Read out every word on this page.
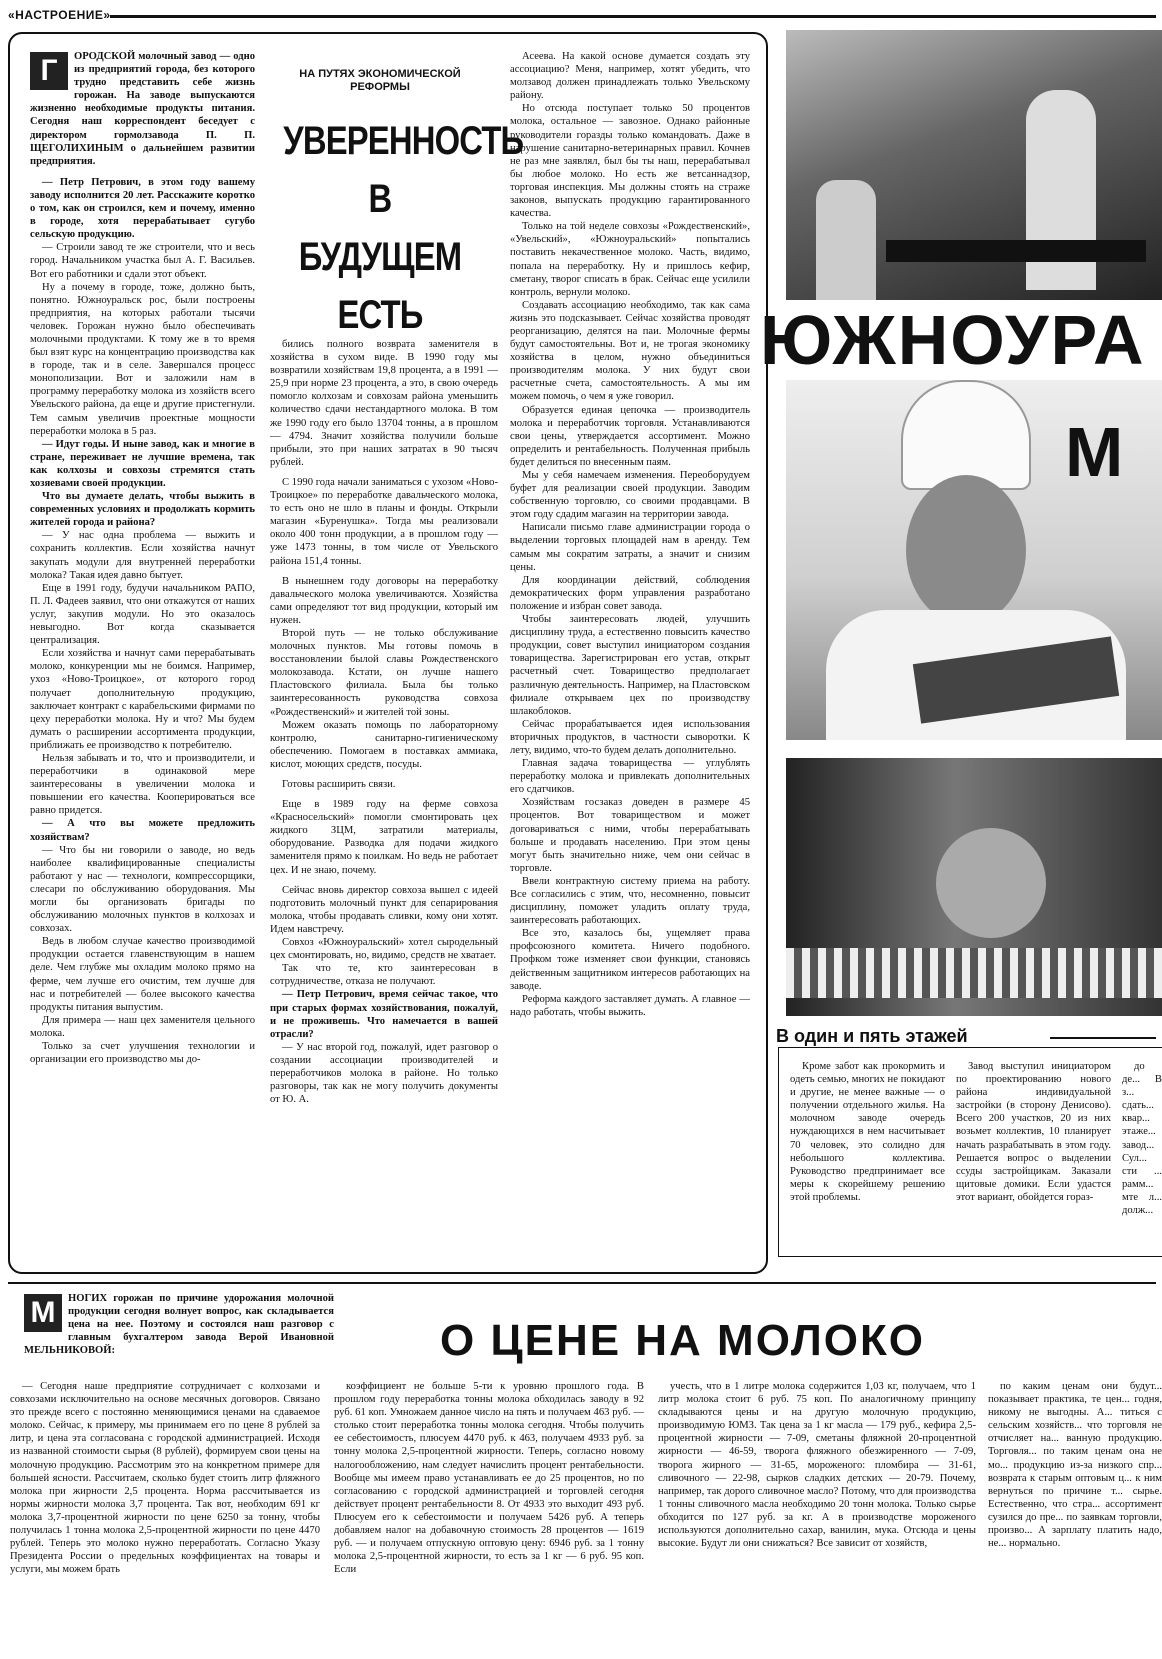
«НАСТРОЕНИЕ»
Г	ОРОДСКОЙ молочный завод — одно из предприятий города, без которого трудно представить себе жизнь горожан. На заводе выпускаются жизненно необходимые продукты питания. Сегодня наш корреспондент беседует с директором гормолзавода П. П. ЩЕГОЛИХИНЫМ о дальнейшем развитии предприятия.

— Петр Петрович, в этом году вашему заводу исполнится 20 лет. Расскажите коротко о том, как он строился, кем и почему, именно в городе, хотя перерабатывает сугубо сельскую продукцию.

— Строили завод те же строители, что и весь город. Начальником участка был А. Г. Васильев. Вот его работники и сдали этот объект.

Ну а почему в городе, тоже, должно быть, понятно. Южноуральск рос, были построены предприятия, на которых работали тысячи человек. Горожан нужно было обеспечивать молочными продуктами. К тому же в то время был взят курс на концентрацию производства как в городе, так и в селе. Завершался процесс монополизации. Вот и заложили нам в программу переработку молока из хозяйств всего Увельского района, да еще и другие пристегнули. Тем самым увеличив проектные мощности переработки молока в 5 раз.

— Идут годы. И ныне завод, как и многие в стране, переживает не лучшие времена, так как колхозы и совхозы стремятся стать хозяевами своей продукции.

Что вы думаете делать, чтобы выжить в современных условиях и продолжать кормить жителей города и района?

— У нас одна проблема — выжить и сохранить коллектив. Если хозяйства начнут закупать модули для внутренней переработки молока? Такая идея давно бытует.

Еще в 1991 году, будучи начальником РАПО, П. Л. Фадеев заявил, что они откажутся от наших услуг, закупив модули. Но это оказалось невыгодно. Вот когда сказывается централизация.

Если хозяйства и начнут сами перерабатывать молоко, конкуренции мы не боимся. Например, ухоз «Ново-Троицкое», от которого город получает дополнительную продукцию, заключает контракт с карабельскими фирмами по цеху переработки молока. Ну и что? Мы будем думать о расширении ассортимента продукции, приближать ее производство к потребителю.

Нельзя забывать и то, что и производители, и переработчики в одинаковой мере заинтересованы в увеличении молока и повышении его качества. Кооперироваться все равно придется.

— А что вы можете предложить хозяйствам?

— Что бы ни говорили о заводе, но ведь наиболее квалифицированные специалисты работают у нас — технологи, компрессорщики, слесари по обслуживанию оборудования. Мы могли бы организовать бригады по обслуживанию молочных пунктов в колхозах и совхозах.

Ведь в любом случае качество производимой продукции остается главенствующим в нашем деле. Чем глубже мы охладим молоко прямо на ферме, чем лучше его очистим, тем лучше для нас и потребителей — более высокого качества продукты питания выпустим.

Для примера — наш цех заменителя цельного молока.

Только за счет улучшения технологии и организации его производство мы до-

НА ПУТЯХ ЭКОНОМИЧЕСКОЙ РЕФОРМЫ
УВЕРЕННОСТЬ
В БУДУЩЕМ
ЕСТЬ

бились полного возврата заменителя в хозяйства в сухом виде. В 1990 году мы возвратили хозяйствам 19,8 процента, а в 1991 — 25,9 при норме 23 процента, а это, в свою очередь помогло колхозам и совхозам района уменьшить количество сдачи нестандартного молока. В том же 1990 году его было 13704 тонны, а в прошлом — 4794. Значит хозяйства получили больше прибыли, это при наших затратах в 90 тысяч рублей.

С 1990 года начали заниматься с ухозом «Ново-Троицкое» по переработке давальческого молока, то есть оно не шло в планы и фонды. Открыли магазин «Буренушка». Тогда мы реализовали около 400 тонн продукции, а в прошлом году — уже 1473 тонны, в том числе от Увельского района 151,4 тонны.

В нынешнем году договоры на переработку давальческого молока увеличиваются. Хозяйства сами определяют тот вид продукции, который им нужен.

Второй путь — не только обслуживание молочных пунктов. Мы готовы помочь в восстановлении былой славы Рождественского молокозавода. Кстати, он лучше нашего Пластовского филиала. Была бы только заинтересованность руководства совхоза «Рождественский» и жителей той зоны.

Можем оказать помощь по лабораторному контролю, санитарно-гигиеническому обеспечению. Помогаем в поставках аммиака, кислот, моющих средств, посуды.

Готовы расширить связи.

Еще в 1989 году на ферме совхоза «Красносельский» помогли смонтировать цех жидкого ЗЦМ, затратили материалы, оборудование. Разводка для подачи жидкого заменителя прямо к поилкам. Но ведь не работает цех. И не знаю, почему.

Сейчас вновь директор совхоза вышел с идеей подготовить молочный пункт для сепарирования молока, чтобы продавать сливки, кому они хотят. Идем навстречу.

Совхоз «Южноуральский» хотел сыродельный цех смонтировать, но, видимо, средств не хватает.

Так что те, кто заинтересован в сотрудничестве, отказа не получают.

— Петр Петрович, время сейчас такое, что при старых формах хозяйствования, пожалуй, и не проживешь. Что намечается в вашей отрасли?

— У нас второй год, пожалуй, идет разговор о создании ассоциации производителей и переработчиков молока в районе. Но только разговоры, так как не могу получить документы от Ю. А.

Асеева. На какой основе думается создать эту ассоциацию? Меня, например, хотят убедить, что молзавод должен принадлежать только Увельскому району.

Но отсюда поступает только 50 процентов молока, остальное — завозное. Однако районные руководители горазды только командовать. Даже в нарушение санитарно-ветеринарных правил. Кочнев не раз мне заявлял, был бы ты наш, перерабатывал бы любое молоко. Но есть же ветсаннадзор, торговая инспекция. Мы должны стоять на страже законов, выпускать продукцию гарантированного качества.

Только на той неделе совхозы «Рождественский», «Увельский», «Южноуральский» попытались поставить некачественное молоко. Часть, видимо, попала на переработку. Ну и пришлось кефир, сметану, творог списать в брак. Сейчас еще усилили контроль, вернули молоко.

Создавать ассоциацию необходимо, так как сама жизнь это подсказывает. Сейчас хозяйства проводят реорганизацию, делятся на паи. Молочные фермы будут самостоятельны. Вот и, не трогая экономику хозяйства в целом, нужно объединиться производителям молока. У них будут свои расчетные счета, самостоятельность. А мы им можем помочь, о чем я уже говорил.

Образуется единая цепочка — производитель молока и переработчик торговля. Устанавливаются свои цены, утверждается ассортимент. Можно определить и рентабельность. Полученная прибыль будет делиться по внесенным паям.

Мы у себя намечаем изменения. Переоборудуем буфет для реализации своей продукции. Заводим собственную торговлю, со своими продавцами. В этом году сдадим магазин на территории завода.

Написали письмо главе администрации города о выделении торговых площадей нам в аренду. Тем самым мы сократим затраты, а значит и снизим цены.

Для координации действий, соблюдения демократических форм управления разработано положение и избран совет завода.

Чтобы заинтересовать людей, улучшить дисциплину труда, а естественно повысить качество продукции, совет выступил инициатором создания товарищества. Зарегистрирован его устав, открыт расчетный счет. Товарищество предполагает различную деятельность. Например, на Пластовском филиале открываем цех по производству шлакоблоков.

Сейчас прорабатывается идея использования вторичных продуктов, в частности сыворотки. К лету, видимо, что-то будем делать дополнительно.

Главная задача товарищества — углублять переработку молока и привлекать дополнительных его сдатчиков.

Хозяйствам госзаказ доведен в размере 45 процентов. Вот товариществом и может договариваться с ними, чтобы перерабатывать больше и продавать населению. При этом цены могут быть значительно ниже, чем они сейчас в торговле.

Ввели контрактную систему приема на работу. Все согласились с этим, что, несомненно, повысит дисциплину, поможет уладить оплату труда, заинтересовать работающих.

Все это, казалось бы, ущемляет права профсоюзного комитета. Ничего подобного. Профком тоже изменяет свои функции, становясь действенным защитником интересов работающих на заводе.

Реформа каждого заставляет думать. А главное — надо работать, чтобы выжить.

ЮЖНОУРА
М
В один и пять этажей

Кроме забот как прокормить и одеть семью, многих не покидают и другие, не менее важные — о получении отдельного жилья. На молочном заводе очередь нуждающихся в нем насчитывает 70 человек, это солидно для небольшого коллектива. Руководство предпринимает все меры к скорейшему решению этой проблемы.

Завод выступил инициатором по проектированию нового района индивидуальной застройки (в сторону Денисово). Всего 200 участков, 20 из них возьмет коллектив, 10 планирует начать разрабатывать в этом году. Решается вопрос о выделении ссуды застройщикам. Заказали щитовые домики. Если удастся этот вариант, обойдется горaз-

до де... В з... сдать... квар... этаже... завод... Сул... сти ... рамм... мте л... долж...

М	НОГИХ горожан по причине удорожания молочной продукции сегодня волнует вопрос, как складывается цена на нее. Поэтому и состоялся наш разговор с главным бухгалтером завода Верой Ивановной МЕЛЬНИКОВОЙ:	О ЦЕНЕ НА МОЛОКО

— Сегодня наше предприятие сотрудничает с колхозами и совхозами исключительно на основе месячных договоров. Связано это прежде всего с постоянно меняющимися ценами на сдаваемое молоко. Сейчас, к примеру, мы принимаем его по цене 8 рублей за литр, и цена эта согласована с городской администрацией. Исходя из названной стоимости сырья (8 рублей), формируем свои цены на молочную продукцию. Рассмотрим это на конкретном примере для большей ясности. Рассчитаем, сколько будет стоить литр фляжного молока при жирности 2,5 процента. Норма рассчитывается из нормы жирности молока 3,7 процента. Так вот, необходим 691 кг молока 3,7-процентной жирности по цене 6250 за тонну, чтобы получилась 1 тонна молока 2,5-процентной жирности по цене 4470 рублей. Теперь это молоко нужно переработать. Согласно Указу Президента России о предельных коэффициентах на товары и услуги, мы можем брать

коэффициент не больше 5-ти к уровню прошлого года. В прошлом году переработка тонны молока обходилась заводу в 92 руб. 61 коп. Умножаем данное число на пять и получаем 463 руб. — столько стоит переработка тонны молока сегодня. Чтобы получить ее себестоимость, плюсуем 4470 руб. к 463, получаем 4933 руб. за тонну молока 2,5-процентной жирности. Теперь, согласно новому налогообложению, нам следует начислить процент рентабельности. Вообще мы имеем право устанавливать ее до 25 процентов, но по согласованию с городской администрацией и торговлей сегодня действует процент рентабельности 8. От 4933 это выходит 493 руб. Плюсуем его к себестоимости и получаем 5426 руб. А теперь добавляем налог на добавочную стоимость 28 процентов — 1619 руб. — и получаем отпускную оптовую цену: 6946 руб. за 1 тонну молока 2,5-процентной жирности, то есть за 1 кг — 6 руб. 95 коп. Если

учесть, что в 1 литре молока содержится 1,03 кг, получаем, что 1 литр молока стоит 6 руб. 75 коп. По аналогичному принципу складываются цены и на другую молочную продукцию, производимую ЮМЗ. Так цена за 1 кг масла — 179 руб., кефира 2,5-процентной жирности — 7-09, сметаны фляжной 20-процентной жирности — 46-59, творога фляжного обезжиренного — 7-09, творога жирного — 31-65, мороженого: пломбира — 31-61, сливочного — 22-98, сырков сладких детских — 20-79. Почему, например, так дорого сливочное масло? Потому, что для производства 1 тонны сливочного масла необходимо 20 тонн молока. Только сырье обходится по 127 руб. за кг. А в производстве мороженого используются дополнительно сахар, ванилин, мука. Отсюда и цены высокие. Будут ли они снижаться? Все зависит от хозяйств,

по каким ценам они будут... показывает практика, те цен... годня, никому не выгодны. А... титься с сельским хозяйств... что торговля не отчисляет на... ванную продукцию. Торговля... по таким ценам она не мо... продукцию из-за низкого спр... возврата к старым оптовым ц... к ним вернуться по причине т... сырье. Естественно, что стра... ассортимент сузился до пре... по заявкам торговли, произво... А зарплату платить надо, не... нормально.
